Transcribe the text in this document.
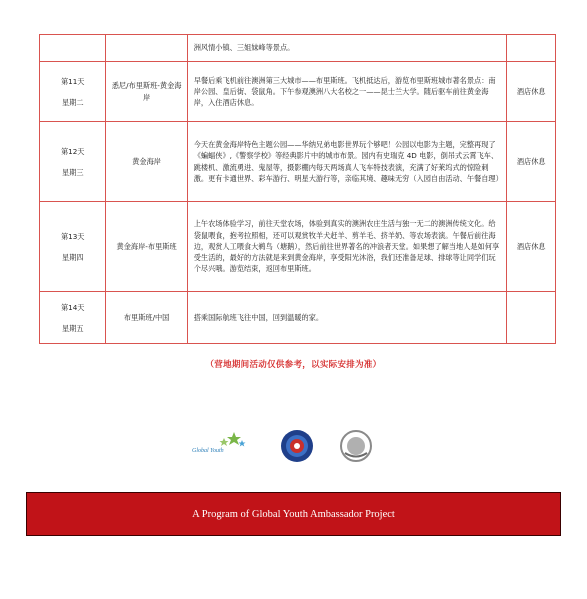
		洲风情小镇、三姐妹峰等景点。	

第11天
星期二	悉尼/布里斯班-黄金海岸	早餐后乘飞机前往澳洲第三大城市——布里斯班。飞机抵达后，游览布里斯班城市著名景点：南岸公园、皇后街、袋鼠角。下午参观澳洲八大名校之一——昆士兰大学。随后驱车前往黄金海岸，入住酒店休息。	酒店休息

第12天
星期三	黄金海岸	今天在黄金海岸特色主题公园——华纳兄弟电影世界玩个够吧！公园以电影为主题，完整再现了《蝙蝠侠》,《警察学校》等经典影片中的城市布景。园内有史瑞克 4D 电影，倒吊式云霄飞车、跳楼机、激流勇进、鬼屋等，摄影棚内每天两场真人飞车特技表演，充满了好莱坞式的惊险刺激。更有卡通世界、彩车游行、明星大游行等，亲临其境、趣味无穷（入园自由活动、午餐自理）	酒店休息

第13天
星期四	黄金海岸-布里斯班	上午农场体验学习，前往天堂农场，体验到真实的澳洲农庄生活与独一无二的澳洲传统文化。给袋鼠喂食，抱考拉照相，还可以观赏牧羊犬赶羊、剪羊毛、挤羊奶、等农场表演。午餐后前往海边，观赏人工喂食大鹈鸟（塘鹅），然后前往世界著名的冲浪者天堂。如果想了解当地人是如何享受生活的，最好的方法就是来到黄金海岸，享受阳光沐浴，我们还准备足球、排球等让同学们玩个尽兴哦。游览结束，返回布里斯班。	酒店休息

第14天
星期五	布里斯班/中国	搭乘国际航班飞往中国，回到温暖的家。	
（营地期间活动仅供参考，以实际安排为准）
Global Youth
A Program of Global Youth Ambassador Project
